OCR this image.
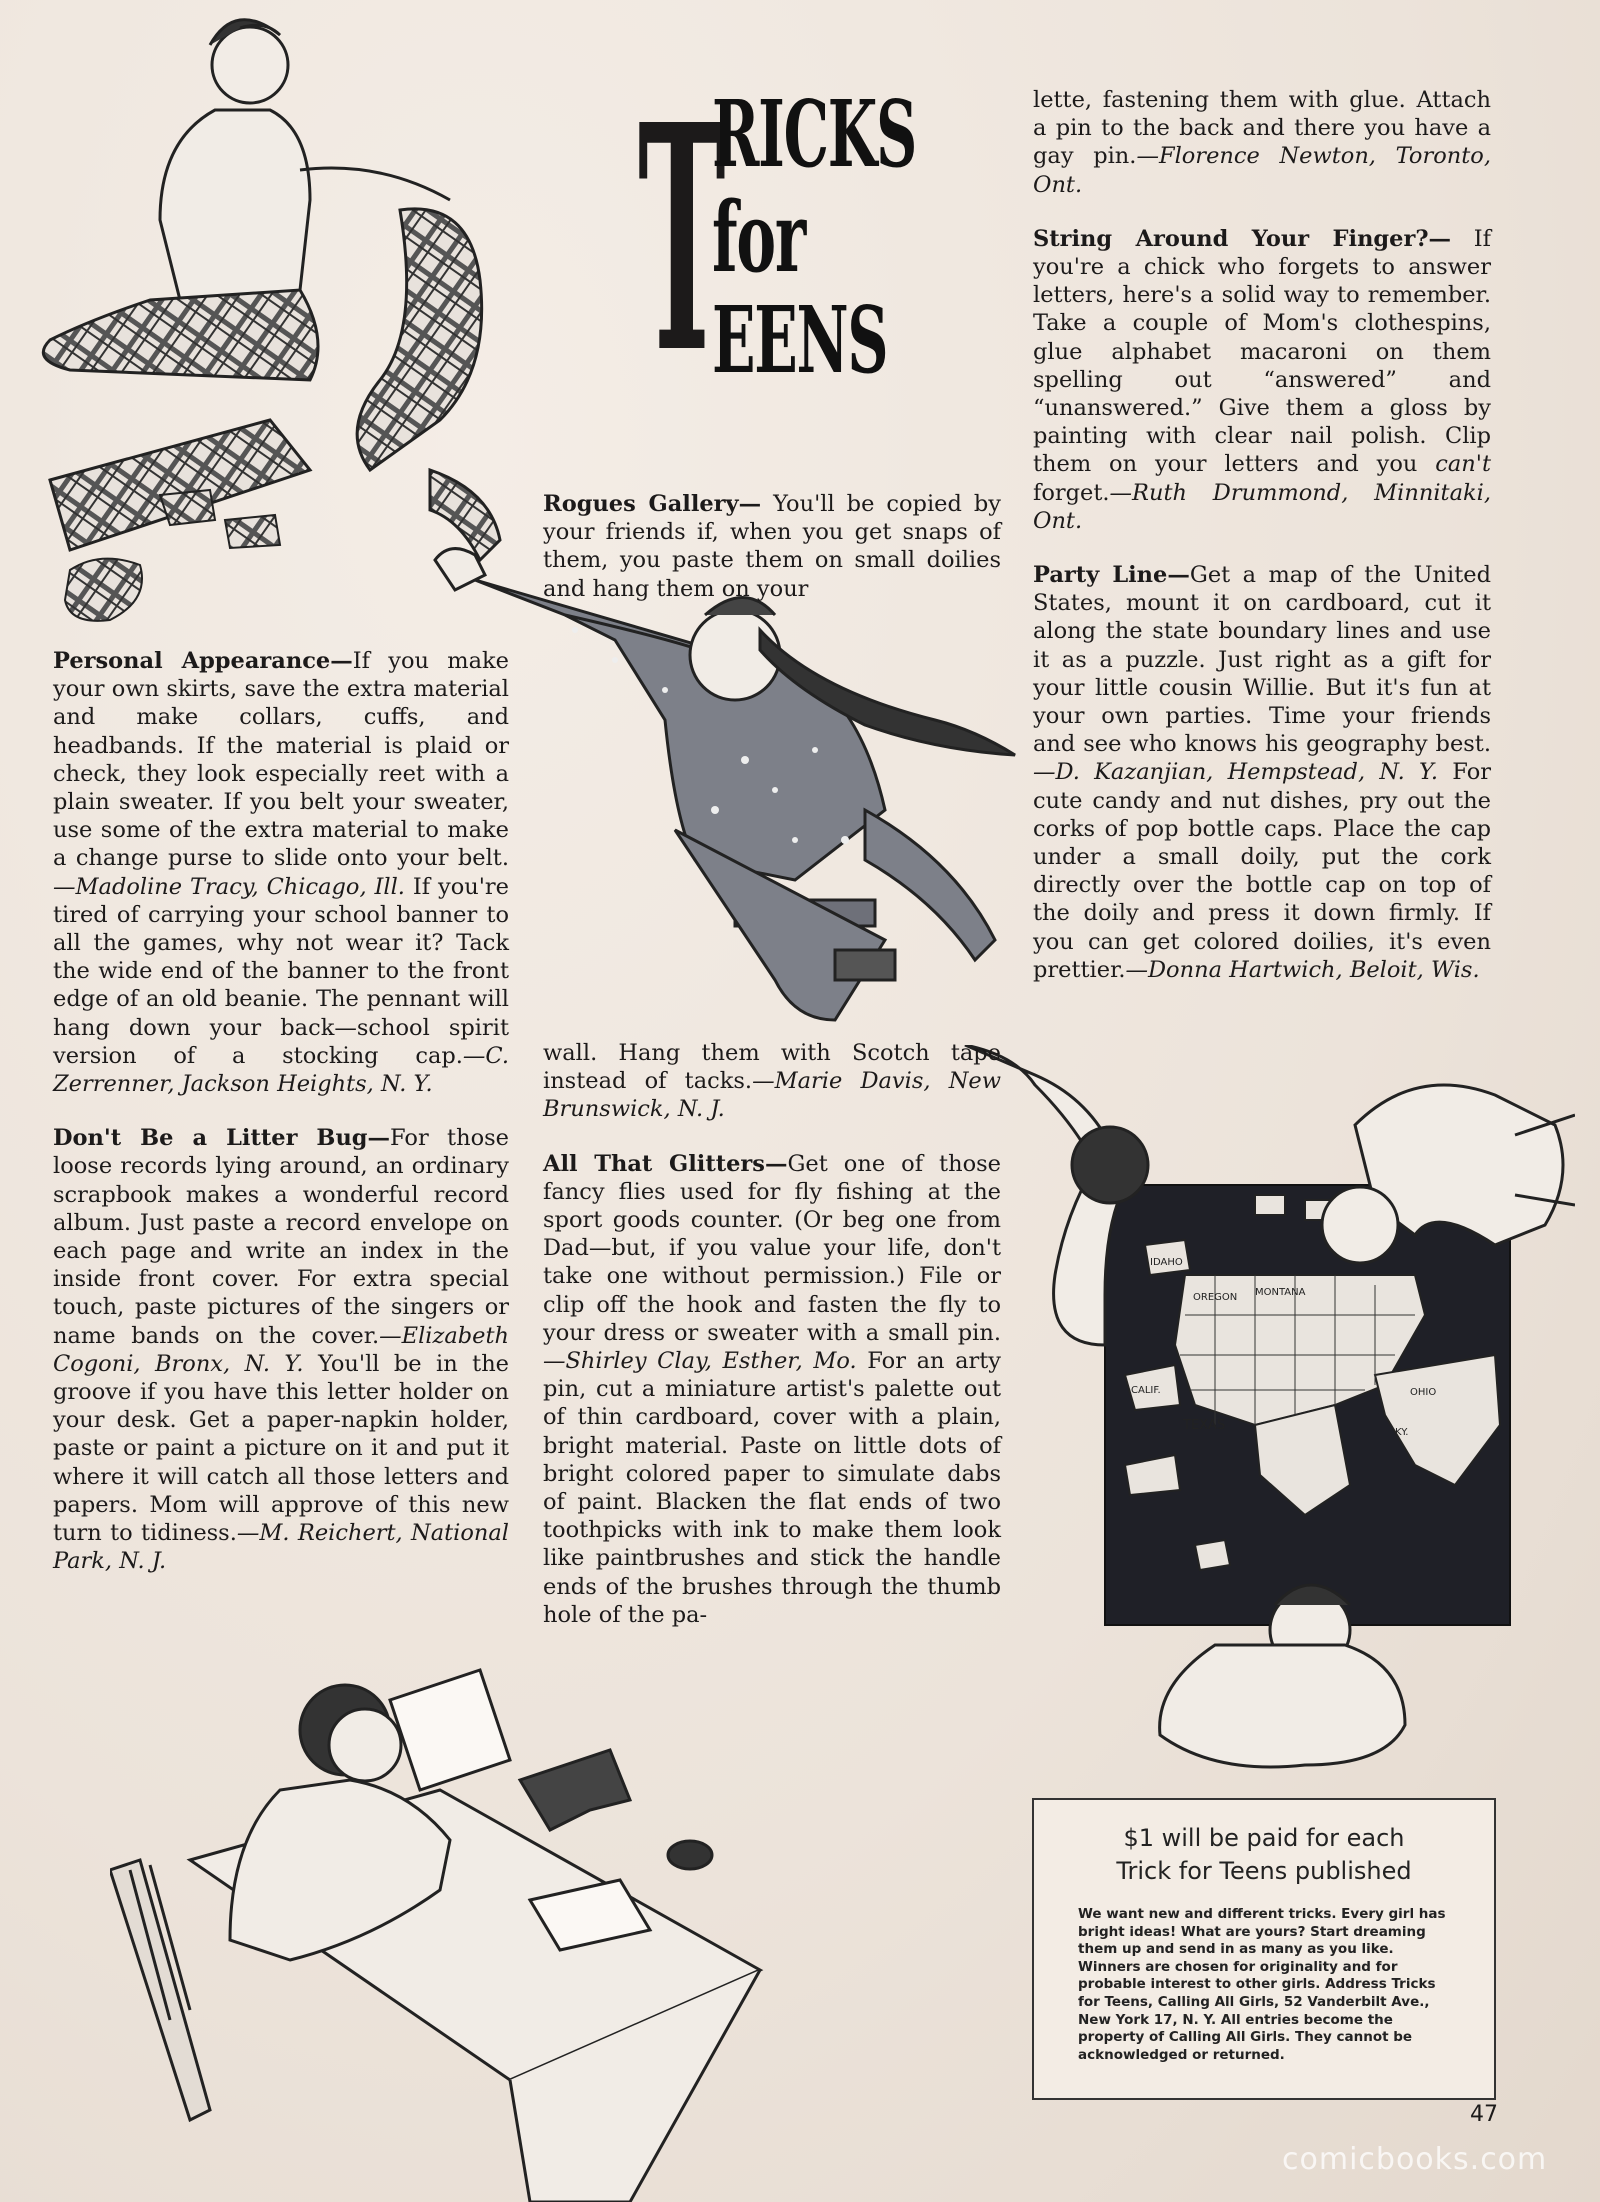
T
RICKS
for
EENS
TEXAS
IDAHO
OREGON MONTANA
CALIF.	OHIO
KY.

Personal Appearance—If you make your own skirts, save the extra material and make collars, cuffs, and headbands. If the material is plaid or check, they look especially reet with a plain sweater. If you belt your sweater, use some of the extra material to make a change purse to slide onto your belt.—Madoline Tracy, Chicago, Ill. If you're tired of carrying your school banner to all the games, why not wear it? Tack the wide end of the banner to the front edge of an old beanie. The pennant will hang down your back—school spirit version of a stocking cap.—C. Zerrenner, Jackson Heights, N. Y.

Don't Be a Litter Bug—For those loose records lying around, an ordinary scrapbook makes a wonderful record album. Just paste a record envelope on each page and write an index in the inside front cover. For extra special touch, paste pictures of the singers or name bands on the cover.—Elizabeth Cogoni, Bronx, N. Y. You'll be in the groove if you have this letter holder on your desk. Get a paper-napkin holder, paste or paint a picture on it and put it where it will catch all those letters and papers. Mom will approve of this new turn to tidiness.—M. Reichert, National Park, N. J.

Rogues Gallery— You'll be copied by your friends if, when you get snaps of them, you paste them on small doilies and hang them on your

wall. Hang them with Scotch tape instead of tacks.—Marie Davis, New Brunswick, N. J.

All That Glitters—Get one of those fancy flies used for fly fishing at the sport goods counter. (Or beg one from Dad—but, if you value your life, don't take one without permission.) File or clip off the hook and fasten the fly to your dress or sweater with a small pin.—Shirley Clay, Esther, Mo. For an arty pin, cut a miniature artist's palette out of thin cardboard, cover with a plain, bright material. Paste on little dots of bright colored paper to simulate dabs of paint. Blacken the flat ends of two toothpicks with ink to make them look like paintbrushes and stick the handle ends of the brushes through the thumb hole of the pa-

lette, fastening them with glue. Attach a pin to the back and there you have a gay pin.—Florence Newton, Toronto, Ont.

String Around Your Finger?— If you're a chick who forgets to answer letters, here's a solid way to remember. Take a couple of Mom's clothespins, glue alphabet macaroni on them spelling out “answered” and “unanswered.” Give them a gloss by painting with clear nail polish. Clip them on your letters and you can't forget.—Ruth Drummond, Minnitaki, Ont.

Party Line—Get a map of the United States, mount it on cardboard, cut it along the state boundary lines and use it as a puzzle. Just right as a gift for your little cousin Willie. But it's fun at your own parties. Time your friends and see who knows his geography best.—D. Kazanjian, Hempstead, N. Y. For cute candy and nut dishes, pry out the corks of pop bottle caps. Place the cap under a small doily, put the cork directly over the bottle cap on top of the doily and press it down firmly. If you can get colored doilies, it's even prettier.—Donna Hartwich, Beloit, Wis.

$1 will be paid for each
Trick for Teens published
We want new and different tricks. Every girl has bright ideas! What are yours? Start dreaming them up and send in as many as you like. Winners are chosen for originality and for probable interest to other girls. Address Tricks for Teens, Calling All Girls, 52 Vanderbilt Ave., New York 17, N. Y. All entries become the property of Calling All Girls. They cannot be acknowledged or returned.
47
comicbooks.com
